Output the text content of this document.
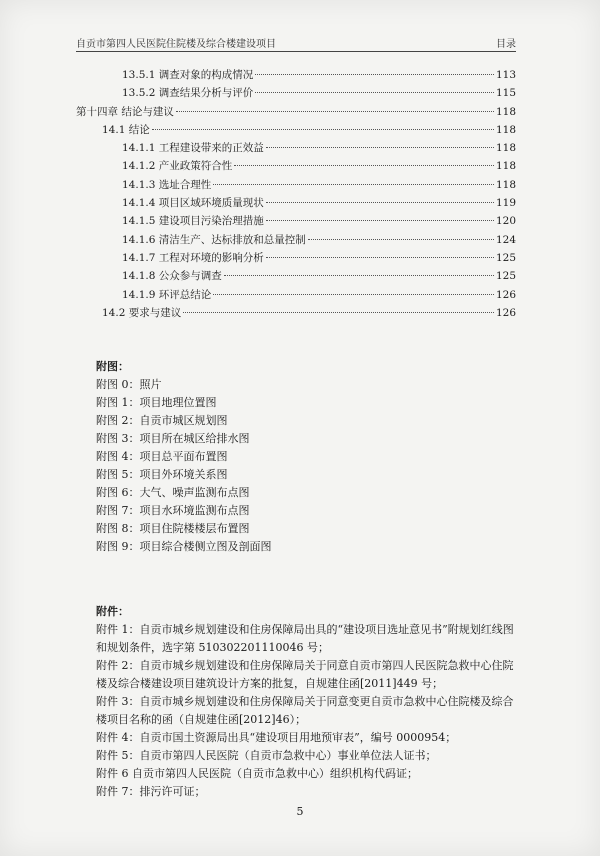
自贡市第四人民医院住院楼及综合楼建设项目	目录
13.5.1 调查对象的构成情况	113
13.5.2 调查结果分析与评价	115
第十四章 结论与建议	118
14.1 结论	118
14.1.1 工程建设带来的正效益	118
14.1.2 产业政策符合性	118
14.1.3 选址合理性	118
14.1.4 项目区域环境质量现状	119
14.1.5 建设项目污染治理措施	120
14.1.6 清洁生产、达标排放和总量控制	124
14.1.7 工程对环境的影响分析	125
14.1.8 公众参与调查	125
14.1.9 环评总结论	126
14.2 要求与建议	126
附图：
附图 0：照片
附图 1：项目地理位置图
附图 2：自贡市城区规划图
附图 3：项目所在城区给排水图
附图 4：项目总平面布置图
附图 5：项目外环境关系图
附图 6：大气、噪声监测布点图
附图 7：项目水环境监测布点图
附图 8：项目住院楼楼层布置图
附图 9：项目综合楼侧立图及剖面图
附件：
附件 1：自贡市城乡规划建设和住房保障局出具的“建设项目选址意见书”附规划红线图和规划条件，选字第 510302201110046 号；
附件 2：自贡市城乡规划建设和住房保障局关于同意自贡市第四人民医院急救中心住院楼及综合楼建设项目建筑设计方案的批复，自规建住函[2011]449 号；
附件 3：自贡市城乡规划建设和住房保障局关于同意变更自贡市急救中心住院楼及综合楼项目名称的函（自规建住函[2012]46）；
附件 4：自贡市国土资源局出具“建设项目用地预审表”，编号 0000954；
附件 5：自贡市第四人民医院（自贡市急救中心）事业单位法人证书；
附件 6 自贡市第四人民医院（自贡市急救中心）组织机构代码证；
附件 7：排污许可证；
5
